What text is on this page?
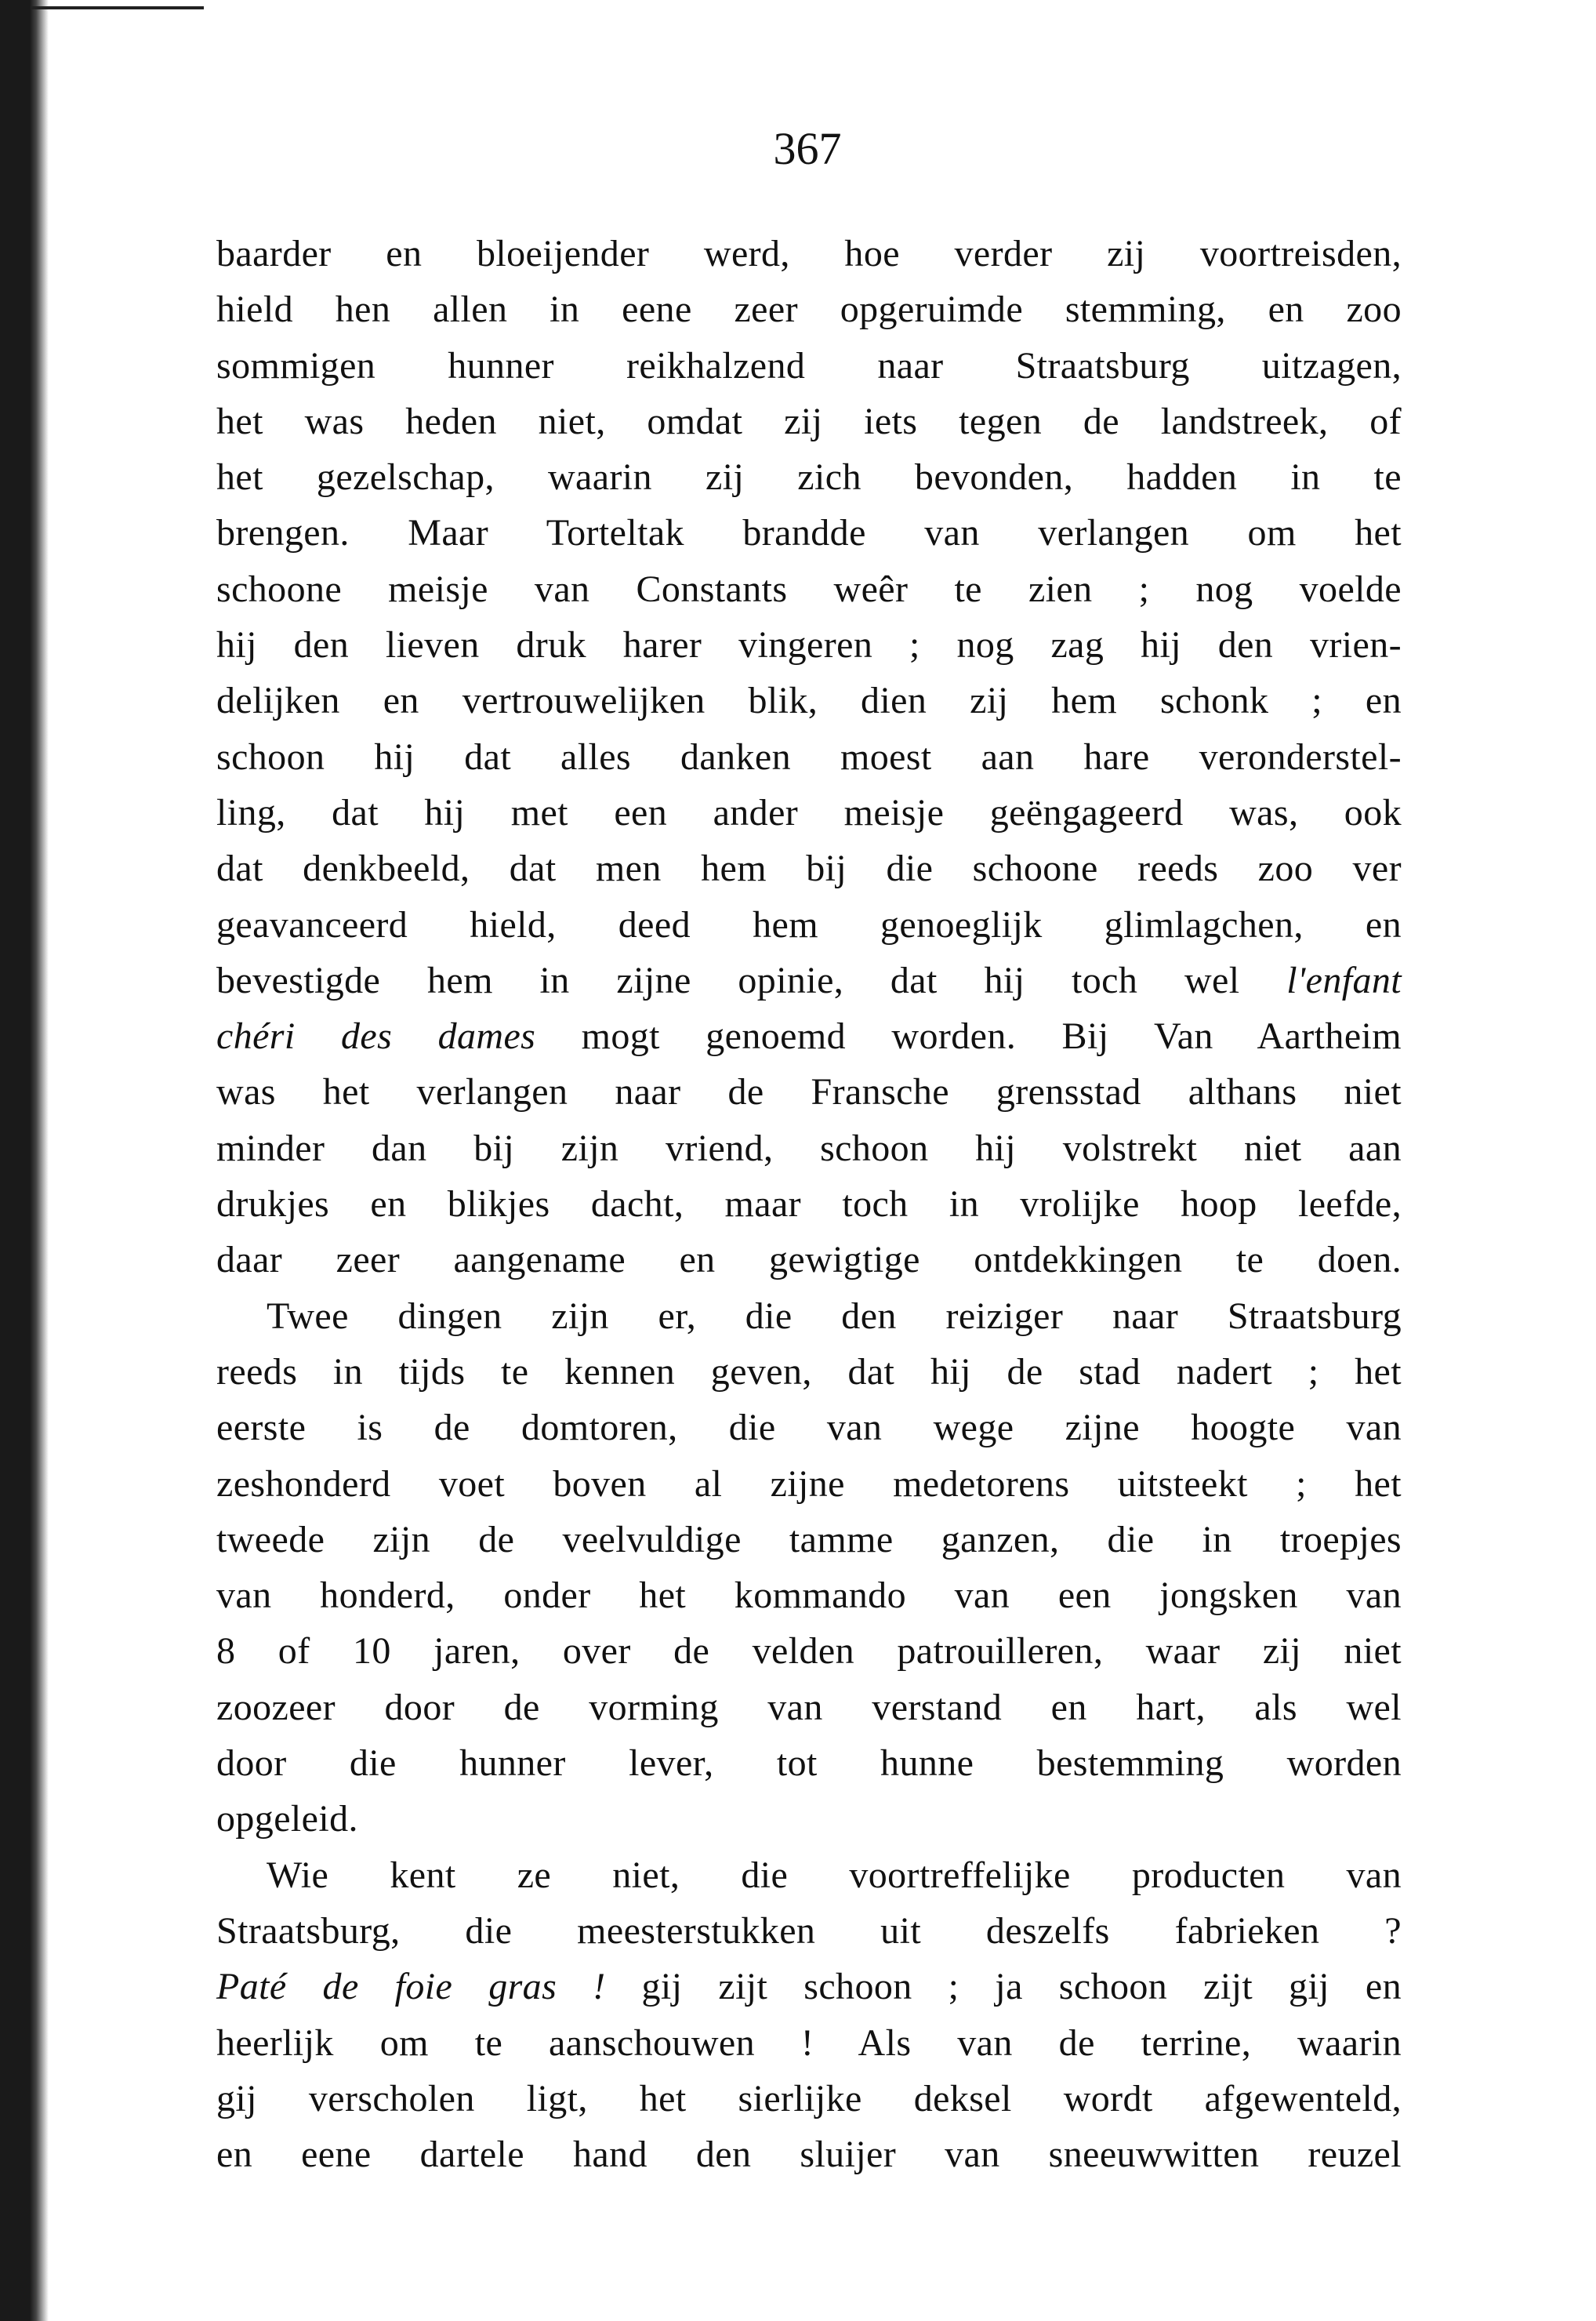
367
baarder en bloeijender werd, hoe verder zij voortreisden,
hield hen allen in eene zeer opgeruimde stemming, en zoo
sommigen hunner reikhalzend naar Straatsburg uitzagen,
het was heden niet, omdat zij iets tegen de landstreek, of
het gezelschap, waarin zij zich bevonden, hadden in te
brengen. Maar Torteltak brandde van verlangen om het
schoone meisje van Constants weêr te zien ; nog voelde
hij den lieven druk harer vingeren ; nog zag hij den vrien-
delijken en vertrouwelijken blik, dien zij hem schonk ; en
schoon hij dat alles danken moest aan hare veronderstel-
ling, dat hij met een ander meisje geëngageerd was, ook
dat denkbeeld, dat men hem bij die schoone reeds zoo ver
geavanceerd hield, deed hem genoeglijk glimlagchen, en
bevestigde hem in zijne opinie, dat hij toch wel l'enfant
chéri des dames mogt genoemd worden. Bij Van Aartheim
was het verlangen naar de Fransche grensstad althans niet
minder dan bij zijn vriend, schoon hij volstrekt niet aan
drukjes en blikjes dacht, maar toch in vrolijke hoop leefde,
daar zeer aangename en gewigtige ontdekkingen te doen.
Twee dingen zijn er, die den reiziger naar Straatsburg
reeds in tijds te kennen geven, dat hij de stad nadert ; het
eerste is de domtoren, die van wege zijne hoogte van
zeshonderd voet boven al zijne medetorens uitsteekt ; het
tweede zijn de veelvuldige tamme ganzen, die in troepjes
van honderd, onder het kommando van een jongsken van
8 of 10 jaren, over de velden patrouilleren, waar zij niet
zoozeer door de vorming van verstand en hart, als wel
door die hunner lever, tot hunne bestemming worden
opgeleid.
Wie kent ze niet, die voortreffelijke producten van
Straatsburg, die meesterstukken uit deszelfs fabrieken ?
Paté de foie gras ! gij zijt schoon ; ja schoon zijt gij en
heerlijk om te aanschouwen ! Als van de terrine, waarin
gij verscholen ligt, het sierlijke deksel wordt afgewenteld,
en eene dartele hand den sluijer van sneeuwwitten reuzel
